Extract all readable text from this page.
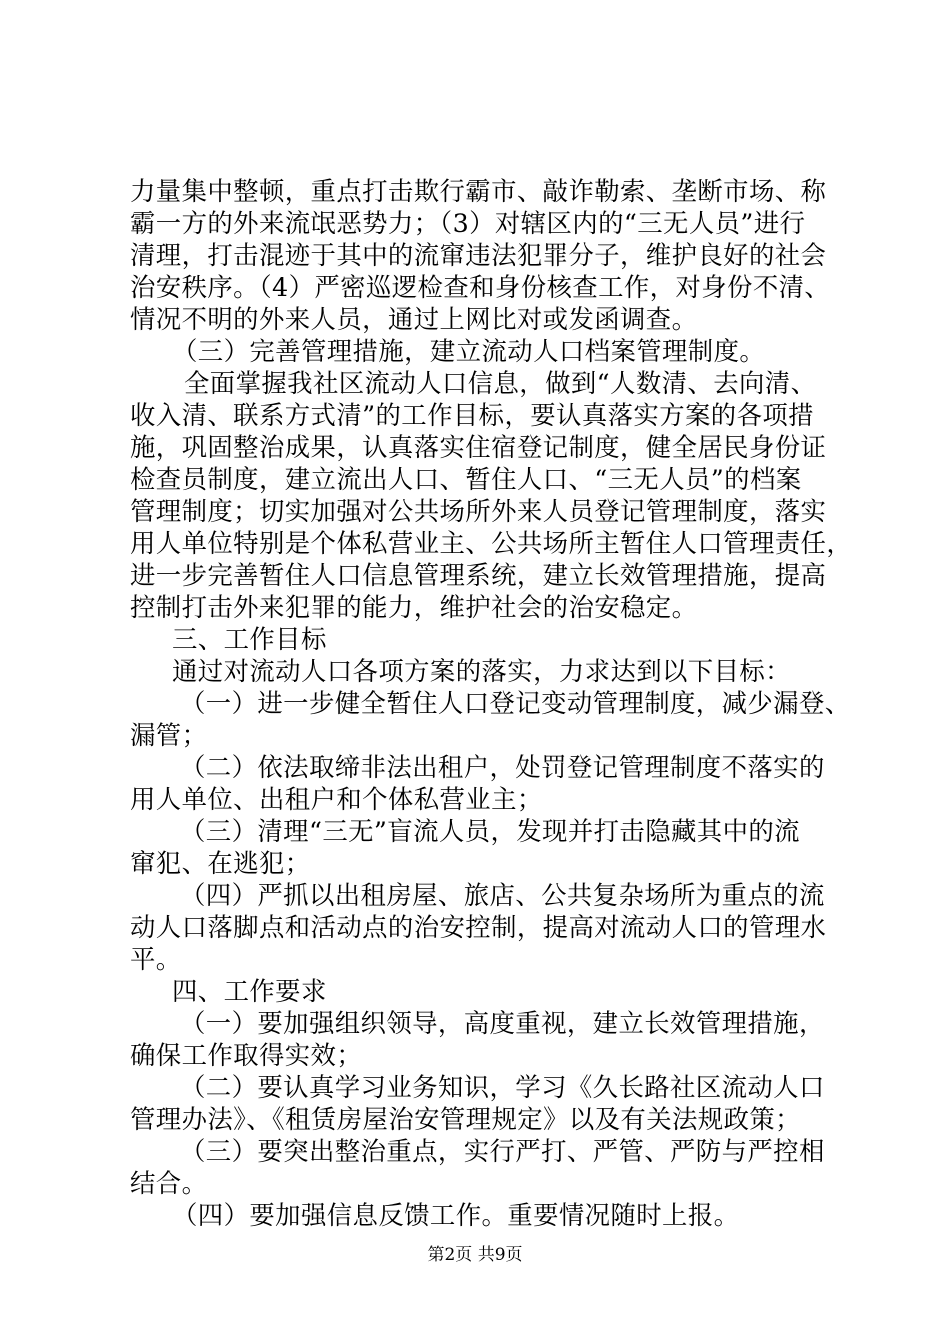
力量集中整顿，重点打击欺行霸市、敲诈勒索、垄断市场、称
霸一方的外来流氓恶势力；（3）对辖区内的“三无人员”进行
清理，打击混迹于其中的流窜违法犯罪分子，维护良好的社会
治安秩序。（4）严密巡逻检查和身份核查工作，对身份不清、
情况不明的外来人员，通过上网比对或发函调查。
（三）完善管理措施，建立流动人口档案管理制度。
全面掌握我社区流动人口信息，做到“人数清、去向清、
收入清、联系方式清”的工作目标，要认真落实方案的各项措
施，巩固整治成果，认真落实住宿登记制度，健全居民身份证
检查员制度，建立流出人口、暂住人口、“三无人员”的档案
管理制度；切实加强对公共场所外来人员登记管理制度，落实
用人单位特别是个体私营业主、公共场所主暂住人口管理责任，
进一步完善暂住人口信息管理系统，建立长效管理措施，提高
控制打击外来犯罪的能力，维护社会的治安稳定。
三、工作目标
通过对流动人口各项方案的落实，力求达到以下目标：
（一）进一步健全暂住人口登记变动管理制度，减少漏登、
漏管；
（二）依法取缔非法出租户，处罚登记管理制度不落实的
用人单位、出租户和个体私营业主；
（三）清理“三无”盲流人员，发现并打击隐藏其中的流
窜犯、在逃犯；
（四）严抓以出租房屋、旅店、公共复杂场所为重点的流
动人口落脚点和活动点的治安控制，提高对流动人口的管理水
平。
四、工作要求
（一）要加强组织领导，高度重视，建立长效管理措施，
确保工作取得实效；
（二）要认真学习业务知识，学习《久长路社区流动人口
管理办法》、《租赁房屋治安管理规定》以及有关法规政策；
（三）要突出整治重点，实行严打、严管、严防与严控相
结合。
（四）要加强信息反馈工作。重要情况随时上报。
第2页 共9页
